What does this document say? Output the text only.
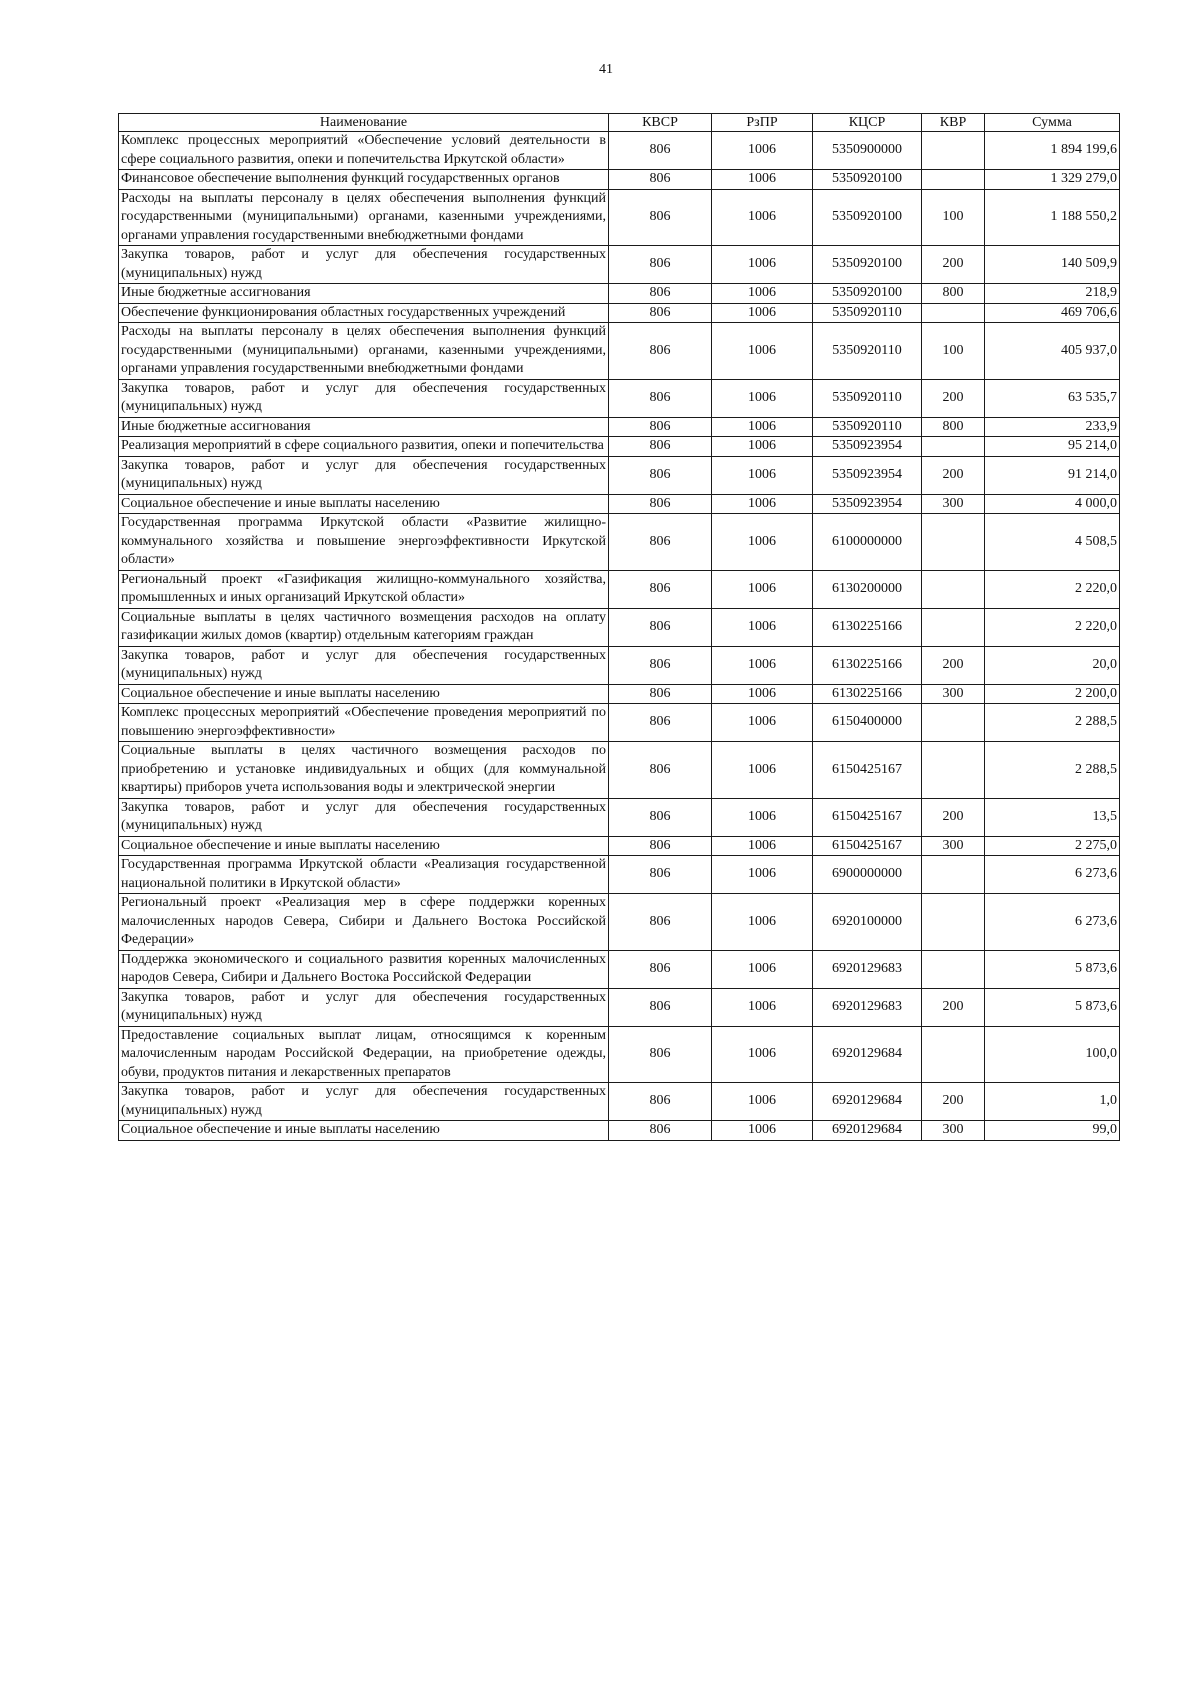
41
Наименование	КВСР	РзПР	КЦСР	КВР	Сумма
Комплекс процессных мероприятий «Обеспечение условий деятельности в сфере социального развития, опеки и попечительства Иркутской области»	806	1006	5350900000		1 894 199,6
Финансовое обеспечение выполнения функций государственных органов	806	1006	5350920100		1 329 279,0
Расходы на выплаты персоналу в целях обеспечения выполнения функций государственными (муниципальными) органами, казенными учреждениями, органами управления государственными внебюджетными фондами	806	1006	5350920100	100	1 188 550,2
Закупка товаров, работ и услуг для обеспечения государственных (муниципальных) нужд	806	1006	5350920100	200	140 509,9
Иные бюджетные ассигнования	806	1006	5350920100	800	218,9
Обеспечение функционирования областных государственных учреждений	806	1006	5350920110		469 706,6
Расходы на выплаты персоналу в целях обеспечения выполнения функций государственными (муниципальными) органами, казенными учреждениями, органами управления государственными внебюджетными фондами	806	1006	5350920110	100	405 937,0
Закупка товаров, работ и услуг для обеспечения государственных (муниципальных) нужд	806	1006	5350920110	200	63 535,7
Иные бюджетные ассигнования	806	1006	5350920110	800	233,9
Реализация мероприятий в сфере социального развития, опеки и попечительства	806	1006	5350923954		95 214,0
Закупка товаров, работ и услуг для обеспечения государственных (муниципальных) нужд	806	1006	5350923954	200	91 214,0
Социальное обеспечение и иные выплаты населению	806	1006	5350923954	300	4 000,0
Государственная программа Иркутской области «Развитие жилищно-коммунального хозяйства и повышение энергоэффективности Иркутской области»	806	1006	6100000000		4 508,5
Региональный проект «Газификация жилищно-коммунального хозяйства, промышленных и иных организаций Иркутской области»	806	1006	6130200000		2 220,0
Социальные выплаты в целях частичного возмещения расходов на оплату газификации жилых домов (квартир) отдельным категориям граждан	806	1006	6130225166		2 220,0
Закупка товаров, работ и услуг для обеспечения государственных (муниципальных) нужд	806	1006	6130225166	200	20,0
Социальное обеспечение и иные выплаты населению	806	1006	6130225166	300	2 200,0
Комплекс процессных мероприятий «Обеспечение проведения мероприятий по повышению энергоэффективности»	806	1006	6150400000		2 288,5
Социальные выплаты в целях частичного возмещения расходов по приобретению и установке индивидуальных и общих (для коммунальной квартиры) приборов учета использования воды и электрической энергии	806	1006	6150425167		2 288,5
Закупка товаров, работ и услуг для обеспечения государственных (муниципальных) нужд	806	1006	6150425167	200	13,5
Социальное обеспечение и иные выплаты населению	806	1006	6150425167	300	2 275,0
Государственная программа Иркутской области «Реализация государственной национальной политики в Иркутской области»	806	1006	6900000000		6 273,6
Региональный проект «Реализация мер в сфере поддержки коренных малочисленных народов Севера, Сибири и Дальнего Востока Российской Федерации»	806	1006	6920100000		6 273,6
Поддержка экономического и социального развития коренных малочисленных народов Севера, Сибири и Дальнего Востока Российской Федерации	806	1006	6920129683		5 873,6
Закупка товаров, работ и услуг для обеспечения государственных (муниципальных) нужд	806	1006	6920129683	200	5 873,6
Предоставление социальных выплат лицам, относящимся к коренным малочисленным народам Российской Федерации, на приобретение одежды, обуви, продуктов питания и лекарственных препаратов	806	1006	6920129684		100,0
Закупка товаров, работ и услуг для обеспечения государственных (муниципальных) нужд	806	1006	6920129684	200	1,0
Социальное обеспечение и иные выплаты населению	806	1006	6920129684	300	99,0
